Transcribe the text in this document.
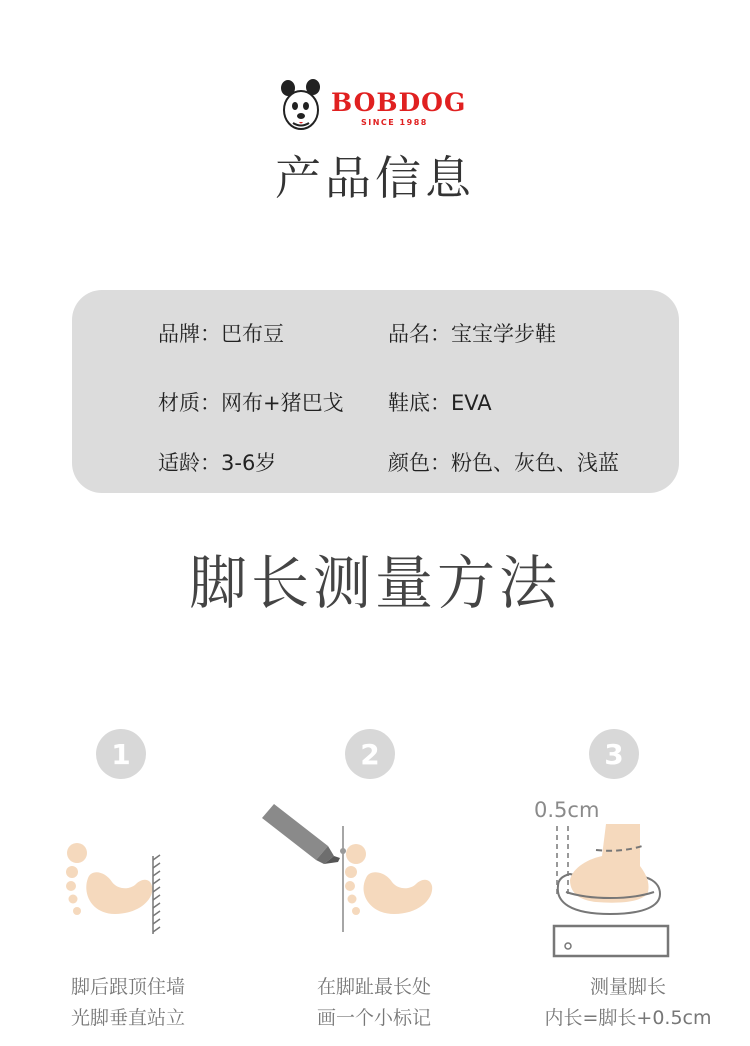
BOBDOG
SINCE 1988
产品信息
品牌：巴布豆	品名：宝宝学步鞋
材质：网布+猪巴戈 鞋底：EVA
适龄：3-6岁	颜色：粉色、灰色、浅蓝
脚长测量方法
1	2	3
0.5cm
脚后跟顶住墙
光脚垂直站立
在脚趾最长处
画一个小标记
测量脚长
内长=脚长+0.5cm
